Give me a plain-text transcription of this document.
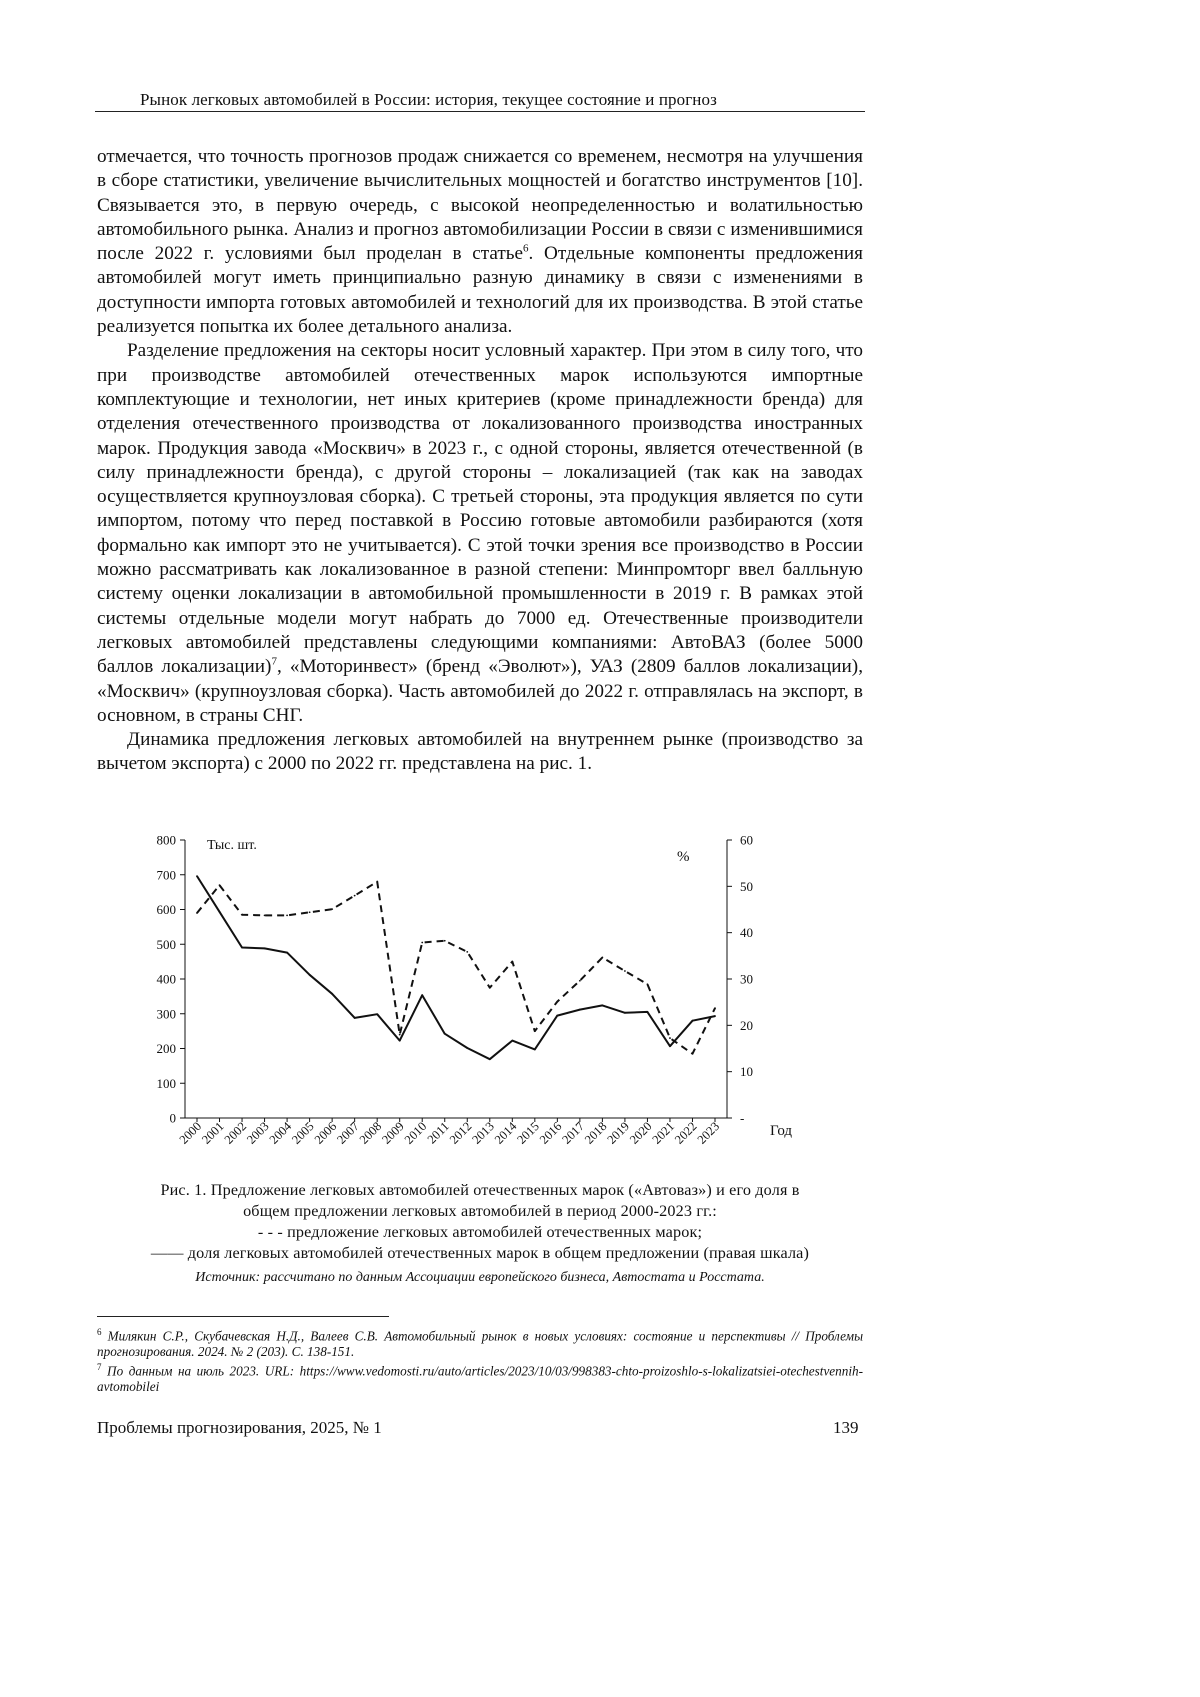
Рынок легковых автомобилей в России: история, текущее состояние и прогноз

отмечается, что точность прогнозов продаж снижается со временем, несмотря на улучшения в сборе статистики, увеличение вычислительных мощностей и богатство инструментов [10]. Связывается это, в первую очередь, с высокой неопределенностью и волатильностью автомобильного рынка. Анализ и прогноз автомобилизации России в связи с изменившимися после 2022 г. условиями был проделан в статье$^6$. Отдельные компоненты предложения автомобилей могут иметь принципиально разную динамику в связи с изменениями в доступности импорта готовых автомобилей и технологий для их производства. В этой статье реализуется попытка их более детального анализа.

Разделение предложения на секторы носит условный характер. При этом в силу того, что при производстве автомобилей отечественных марок используются импортные комплектующие и технологии, нет иных критериев (кроме принадлежности бренда) для отделения отечественного производства от локализованного производства иностранных марок. Продукция завода «Москвич» в 2023 г., с одной стороны, является отечественной (в силу принадлежности бренда), с другой стороны – локализацией (так как на заводах осуществляется крупноузловая сборка). С третьей стороны, эта продукция является по сути импортом, потому что перед поставкой в Россию готовые автомобили разбираются (хотя формально как импорт это не учитывается). С этой точки зрения все производство в России можно рассматривать как локализованное в разной степени: Минпромторг ввел балльную систему оценки локализации в автомобильной промышленности в 2019 г. В рамках этой системы отдельные модели могут набрать до 7000 ед. Отечественные производители легковых автомобилей представлены следующими компаниями: АвтоВАЗ (более 5000 баллов локализации)$^7$, «Моторинвест» (бренд «Эволют»), УАЗ (2809 баллов локализации), «Москвич» (крупноузловая сборка). Часть автомобилей до 2022 г. отправлялась на экспорт, в основном, в страны СНГ.

Динамика предложения легковых автомобилей на внутреннем рынке (производство за вычетом экспорта) с 2000 по 2022 гг. представлена на рис. 1.

0
100
200
300
400
500
600
700
800
-
10
20
30
40
50
60
2000
2001
2002
2003
2004
2005
2006
2007
2008
2009
2010
2011
2012
2013
2014
2015
2016
2017
2018
2019
2020
2021
2022
2023
Тыс. шт.
%
Год
Рис. 1. Предложение легковых автомобилей отечественных марок («Автоваз») и его доля в
общем предложении легковых автомобилей в период 2000-2023 гг.:
- - - предложение легковых автомобилей отечественных марок;
—— доля легковых автомобилей отечественных марок в общем предложении (правая шкала)
Источник: рассчитано по данным Ассоциации европейского бизнеса, Автостата и Росстата.

$^6$ Милякин С.Р., Скубачевская Н.Д., Валеев С.В. Автомобильный рынок в новых условиях: состояние и перспективы // Проблемы прогнозирования. 2024. № 2 (203). С. 138-151.

$^7$ По данным на июль 2023. URL: https://www.vedomosti.ru/auto/articles/2023/10/03/998383-chto-proizoshlo-s-lokalizatsiei-otechestvennih-avtomobilei

Проблемы прогнозирования, 2025, № 1	139
